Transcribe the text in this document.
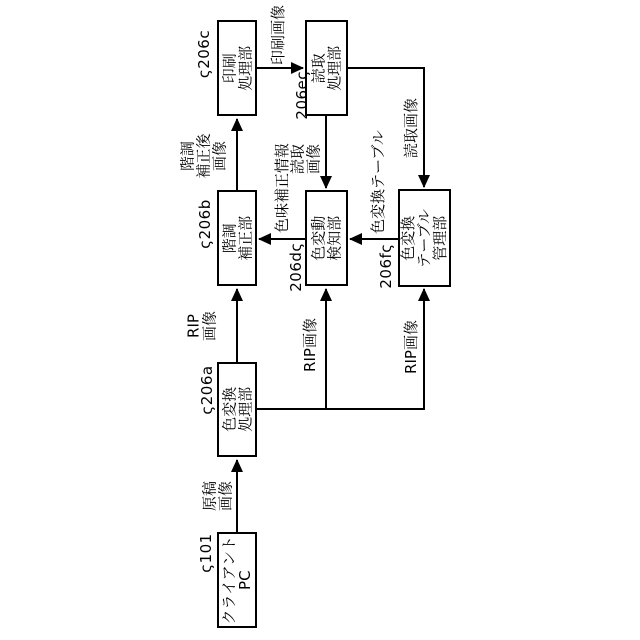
印刷
処理部
階調
補正部
色変換
処理部
クライアント
PC
読取
処理部
色変動
検知部	色変換
テーブル
管理部
ς206c
ς206b
ς206a
ς101
206eς
206dς	206fς
階調
補正後
画像
RIP
画像
原稿
画像
印刷画像
読取
画像
読取画像
色変換テーブル
色味補正情報
RIP画像	RIP画像
